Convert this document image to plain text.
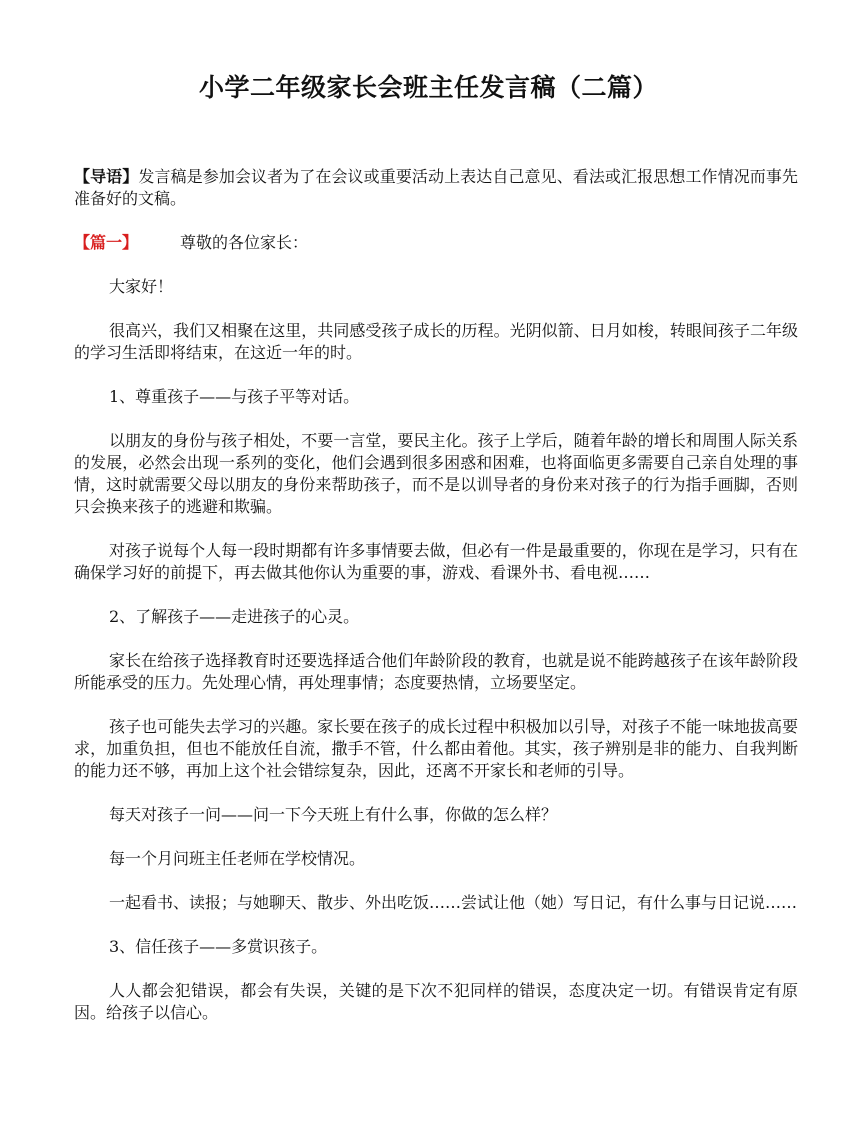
小学二年级家长会班主任发言稿（二篇）

【导语】发言稿是参加会议者为了在会议或重要活动上表达自己意见、看法或汇报思想工作情况而事先准备好的文稿。

【篇一】	尊敬的各位家长：

大家好！

很高兴，我们又相聚在这里，共同感受孩子成长的历程。光阴似箭、日月如梭，转眼间孩子二年级的学习生活即将结束，在这近一年的时。

1、尊重孩子——与孩子平等对话。

以朋友的身份与孩子相处，不要一言堂，要民主化。孩子上学后，随着年龄的增长和周围人际关系的发展，必然会出现一系列的变化，他们会遇到很多困惑和困难，也将面临更多需要自己亲自处理的事情，这时就需要父母以朋友的身份来帮助孩子，而不是以训导者的身份来对孩子的行为指手画脚，否则只会换来孩子的逃避和欺骗。

对孩子说每个人每一段时期都有许多事情要去做，但必有一件是最重要的，你现在是学习，只有在确保学习好的前提下，再去做其他你认为重要的事，游戏、看课外书、看电视……

2、了解孩子——走进孩子的心灵。

家长在给孩子选择教育时还要选择适合他们年龄阶段的教育，也就是说不能跨越孩子在该年龄阶段所能承受的压力。先处理心情，再处理事情；态度要热情，立场要坚定。

孩子也可能失去学习的兴趣。家长要在孩子的成长过程中积极加以引导，对孩子不能一味地拔高要求，加重负担，但也不能放任自流，撒手不管，什么都由着他。其实，孩子辨别是非的能力、自我判断的能力还不够，再加上这个社会错综复杂，因此，还离不开家长和老师的引导。

每天对孩子一问——问一下今天班上有什么事，你做的怎么样？

每一个月问班主任老师在学校情况。

一起看书、读报；与她聊天、散步、外出吃饭……尝试让他（她）写日记，有什么事与日记说……

3、信任孩子——多赏识孩子。

人人都会犯错误，都会有失误，关键的是下次不犯同样的错误，态度决定一切。有错误肯定有原因。给孩子以信心。
